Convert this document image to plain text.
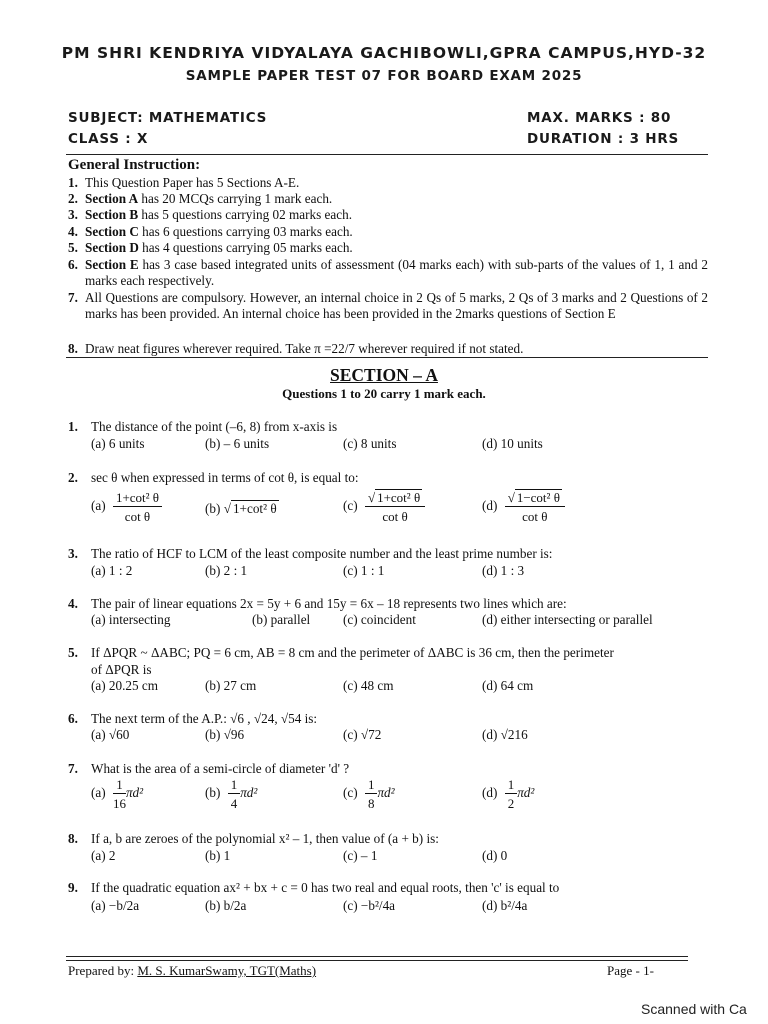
PM SHRI KENDRIYA VIDYALAYA GACHIBOWLI,GPRA CAMPUS,HYD-32
SAMPLE PAPER TEST 07 FOR BOARD EXAM 2025
SUBJECT: MATHEMATICS
CLASS : X
MAX. MARKS : 80
DURATION : 3 HRS
General Instruction:
1. This Question Paper has 5 Sections A-E.
2. Section A has 20 MCQs carrying 1 mark each.
3. Section B has 5 questions carrying 02 marks each.
4. Section C has 6 questions carrying 03 marks each.
5. Section D has 4 questions carrying 05 marks each.
6. Section E has 3 case based integrated units of assessment (04 marks each) with sub-parts of the values of 1, 1 and 2 marks each respectively.
7. All Questions are compulsory. However, an internal choice in 2 Qs of 5 marks, 2 Qs of 3 marks and 2 Questions of 2 marks has been provided. An internal choice has been provided in the 2marks questions of Section E
8. Draw neat figures wherever required. Take π =22/7 wherever required if not stated.
SECTION – A
Questions 1 to 20 carry 1 mark each.
1. The distance of the point (–6, 8) from x-axis is
(a) 6 units	(b) – 6 units	(c) 8 units	(d) 10 units
2. sec θ when expressed in terms of cot θ, is equal to:
$(a) \frac{\text{1+cot² θ}}{\text{cot θ}}$	(b) √ 1+cot² θ	$(c) \frac{\text{√ 1+cot² θ}}{\text{cot θ}}$	$(d) \frac{\text{√ 1−cot² θ}}{\text{cot θ}}$
3. The ratio of HCF to LCM of the least composite number and the least prime number is:
(a) 1 : 2	(b) 2 : 1	(c) 1 : 1	(d) 1 : 3
4. The pair of linear equations 2x = 5y + 6 and 15y = 6x – 18 represents two lines which are:
(a) intersecting	(b) parallel (c) coincident	(d) either intersecting or parallel
5. If ΔPQR ~ ΔABC; PQ = 6 cm, AB = 8 cm and the perimeter of ΔABC is 36 cm, then the perimeter
of ΔPQR is
(a) 20.25 cm	(b) 27 cm	(c) 48 cm	(d) 64 cm
6. The next term of the A.P.: √6 , √24, √54 is:
(a) √60	(b) √96	(c) √72	(d) √216
7. What is the area of a semi-circle of diameter 'd' ?
$(a) \frac{1}{16} \pi d^2$	$(b) \frac{1}{4} \pi d^2$	$(c) \frac{1}{8} \pi d^2$	$(d) \frac{1}{2} \pi d^2$
8. If a, b are zeroes of the polynomial x² – 1, then value of (a + b) is:
(a) 2	(b) 1	(c) – 1	(d) 0
9. If the quadratic equation ax² + bx + c = 0 has two real and equal roots, then 'c' is equal to
(a) −b/2a	(b) b/2a	(c) −b²/4a	(d) b²/4a
Prepared by: M. S. KumarSwamy, TGT(Maths)	Page - 1-
Scanned with Ca
